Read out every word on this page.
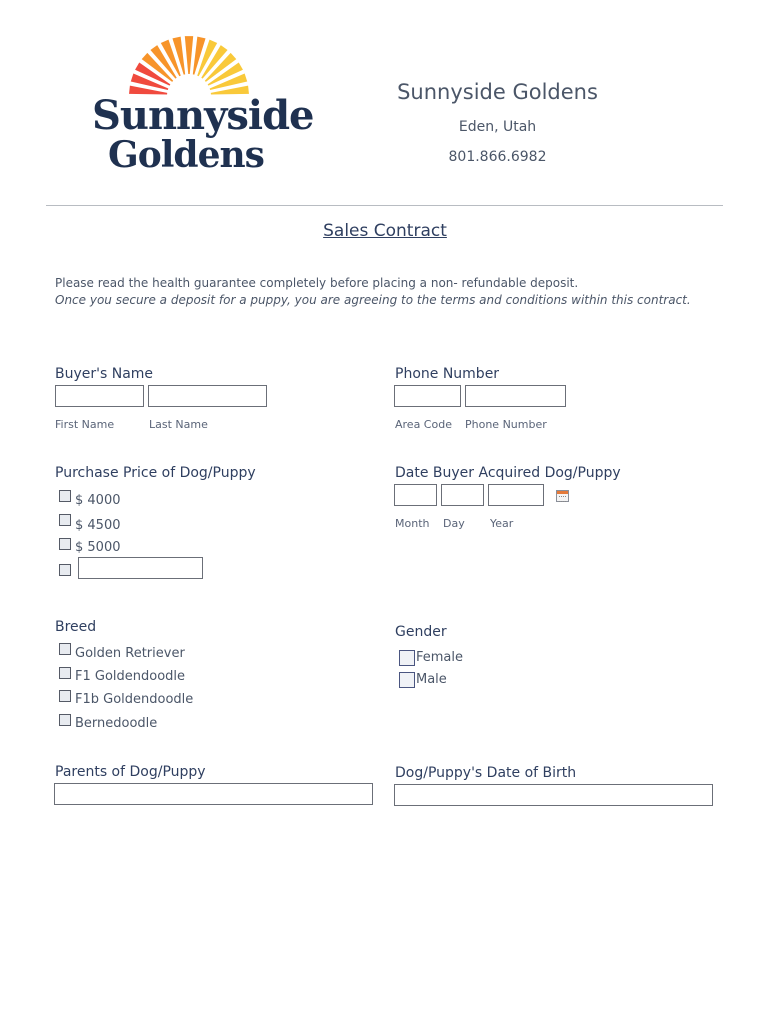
Sunnyside
Goldens
Sunnyside Goldens
Eden, Utah
801.866.6982
Sales Contract
Please read the health guarantee completely before placing a non- refundable deposit.
Once you secure a deposit for a puppy, you are agreeing to the terms and conditions within this contract.
Buyer's Name
First Name	Last Name
Phone Number
Area Code Phone Number
Purchase Price of Dog/Puppy
$ 4000
$ 4500
$ 5000
Date Buyer Acquired Dog/Puppy
Month Day Year
Breed
Golden Retriever
F1 Goldendoodle
F1b Goldendoodle
Bernedoodle
Gender
Female
Male
Parents of Dog/Puppy	Dog/Puppy's Date of Birth
